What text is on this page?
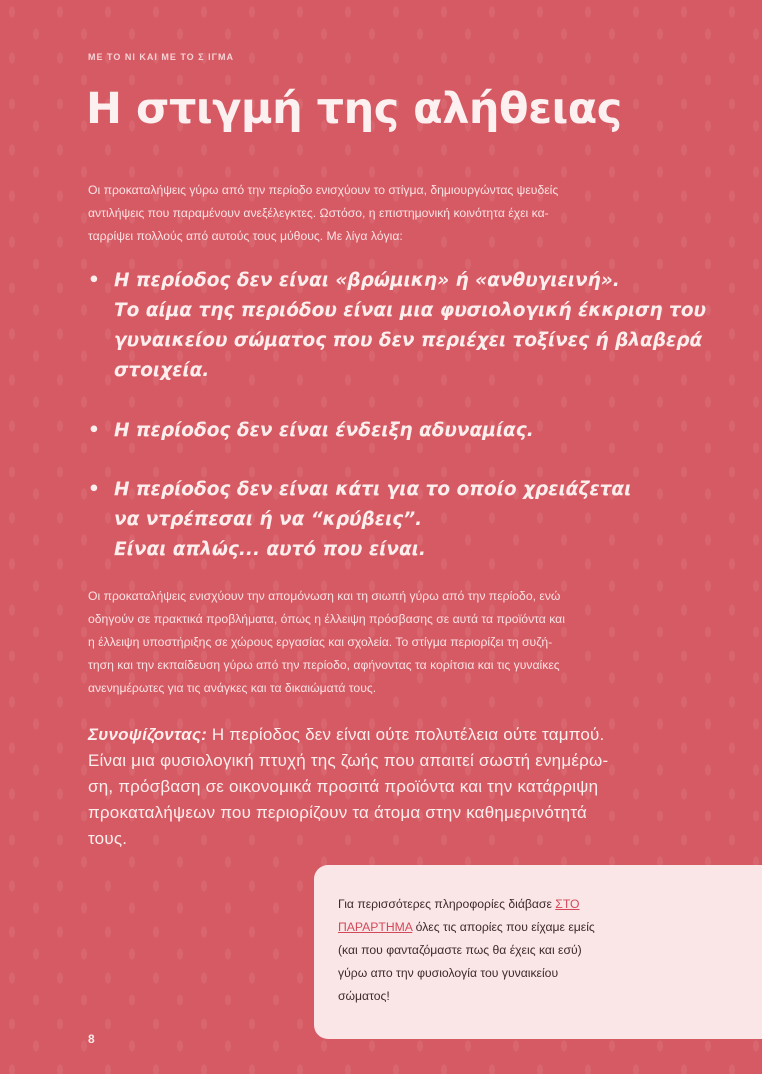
ΜΕ ΤΟ ΝΙ ΚΑΙ ΜΕ ΤΟ Σ ΙΓΜΑ
Η στιγμή της αλήθειας

Οι προκαταλήψεις γύρω από την περίοδο ενισχύουν το στίγμα, δημιουργώντας ψευδείς
αντιλήψεις που παραμένουν ανεξέλεγκτες. Ωστόσο, η επιστημονική κοινότητα έχει κα-
ταρρίψει πολλούς από αυτούς τους μύθους. Με λίγα λόγια:

• Η περίοδος δεν είναι «βρώμικη» ή «ανθυγιεινή».
Το αίμα της περιόδου είναι μια φυσιολογική έκκριση του
γυναικείου σώματος που δεν περιέχει τοξίνες ή βλαβερά
στοιχεία.
• Η περίοδος δεν είναι ένδειξη αδυναμίας.
• Η περίοδος δεν είναι κάτι για το οποίο χρειάζεται
να ντρέπεσαι ή να “κρύβεις”.
Είναι απλώς... αυτό που είναι.

Οι προκαταλήψεις ενισχύουν την απομόνωση και τη σιωπή γύρω από την περίοδο, ενώ
οδηγούν σε πρακτικά προβλήματα, όπως η έλλειψη πρόσβασης σε αυτά τα προϊόντα και
η έλλειψη υποστήριξης σε χώρους εργασίας και σχολεία. Το στίγμα περιορίζει τη συζή-
τηση και την εκπαίδευση γύρω από την περίοδο, αφήνοντας τα κορίτσια και τις γυναίκες
ανενημέρωτες για τις ανάγκες και τα δικαιώματά τους.

Συνοψίζοντας: Η περίοδος δεν είναι ούτε πολυτέλεια ούτε ταμπού.
Είναι μια φυσιολογική πτυχή της ζωής που απαιτεί σωστή ενημέρω-
ση, πρόσβαση σε οικονομικά προσιτά προϊόντα και την κατάρριψη
προκαταλήψεων που περιορίζουν τα άτομα στην καθημερινότητά
τους.

Για περισσότερες πληροφορίες διάβασε ΣΤΟ
ΠΑΡΑΡΤΗΜΑ όλες τις απορίες που είχαμε εμείς
(και που φανταζόμαστε πως θα έχεις και εσύ)
γύρω απο την φυσιολογία του γυναικείου
σώματος!

8
